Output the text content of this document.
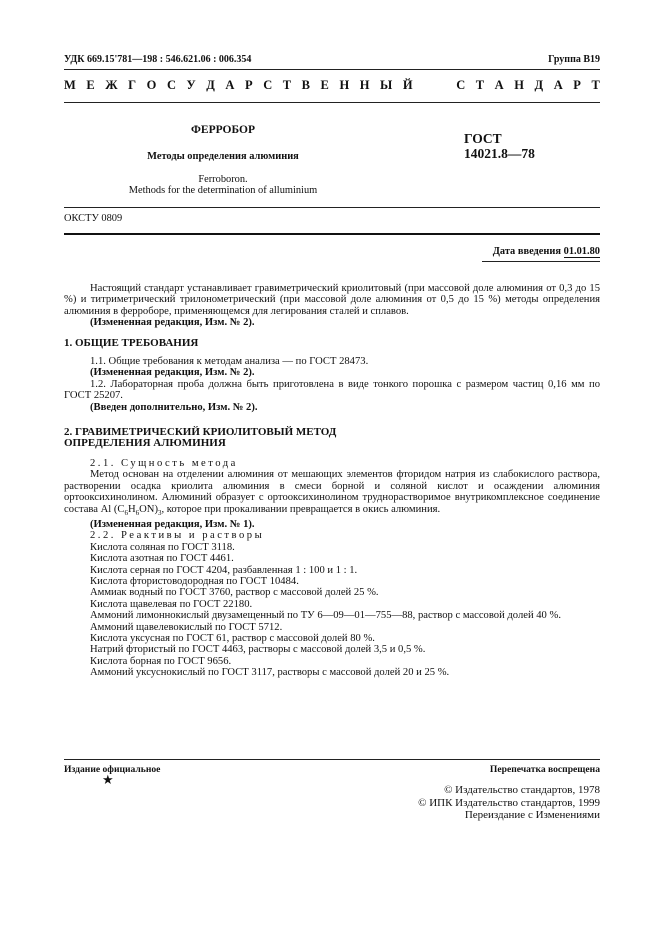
УДК 669.15'781—198 : 546.621.06 : 006.354	Группа В19
М Е Ж Г О С У Д А Р С Т В Е Н Н Ы Й	С Т А Н Д А Р Т
ФЕРРОБОР
Методы определения алюминия
Ferroboron.
Methods for the determination of alluminium
ГОСТ
14021.8—78
ОКСТУ 0809
Дата введения 01.01.80

Настоящий стандарт устанавливает гравиметрический криолитовый (при массовой доле алюминия от 0,3 до 15 %) и титриметрический трилонометрический (при массовой доле алюминия от 0,5 до 15 %) методы определения алюминия в ферроборе, применяющемся для легирования сталей и сплавов.

(Измененная редакция, Изм. № 2).

1. ОБЩИЕ ТРЕБОВАНИЯ

1.1. Общие требования к методам анализа — по ГОСТ 28473.

(Измененная редакция, Изм. № 2).

1.2. Лабораторная проба должна быть приготовлена в виде тонкого порошка с размером частиц 0,16 мм по ГОСТ 25207.

(Введен дополнительно, Изм. № 2).

2. ГРАВИМЕТРИЧЕСКИЙ КРИОЛИТОВЫЙ МЕТОД
ОПРЕДЕЛЕНИЯ АЛЮМИНИЯ

2.1. Сущность метода

Метод основан на отделении алюминия от мешающих элементов фторидом натрия из слабокислого раствора, растворении осадка криолита алюминия в смеси борной и соляной кислот и осаждении алюминия ортооксихинолином. Алюминий образует с ортооксихинолином труднорастворимое внутрикомплексное соединение состава Al $(C_6H_6ON)_3$, которое при прокаливании превращается в окись алюминия.

(Измененная редакция, Изм. № 1).

2.2. Реактивы и растворы

Кислота соляная по ГОСТ 3118.

Кислота азотная по ГОСТ 4461.

Кислота серная по ГОСТ 4204, разбавленная 1 : 100 и 1 : 1.

Кислота фтористоводородная по ГОСТ 10484.

Аммиак водный по ГОСТ 3760, раствор с массовой долей 25 %.

Кислота щавелевая по ГОСТ 22180.

Аммоний лимоннокислый двузамещенный по ТУ 6—09—01—755—88, раствор с массовой долей 40 %.

Аммоний щавелевокислый по ГОСТ 5712.

Кислота уксусная по ГОСТ 61, раствор с массовой долей 80 %.

Натрий фтористый по ГОСТ 4463, растворы с массовой долей 3,5 и 0,5 %.

Кислота борная по ГОСТ 9656.

Аммоний уксуснокислый по ГОСТ 3117, растворы с массовой долей 20 и 25 %.

Издание официальное
★
Перепечатка воспрещена
© Издательство стандартов, 1978
© ИПК Издательство стандартов, 1999
Переиздание с Изменениями
